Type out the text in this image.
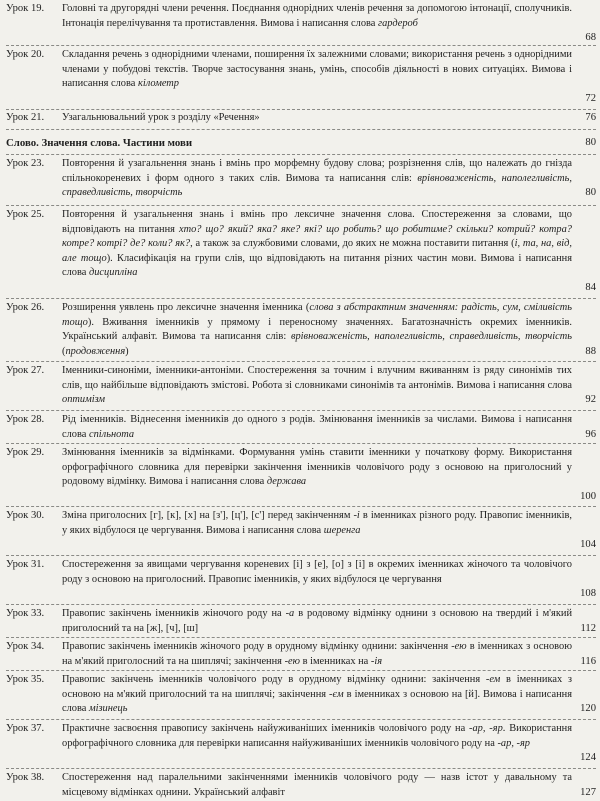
Урок 19.	Головні та другорядні члени речення. Поєднання однорідних членів речення за допомогою інтонації, сполучників. Інтонація перелічування та протиставлення. Вимова і написання слова гардероб
68
Урок 20.	Складання речень з однорідними членами, поширення їх залежними словами; використання речень з однорідними членами у побудові текстів. Творче застосування знань, умінь, способів діяльності в нових ситуаціях. Вимова і написання слова кілометр
72
Урок 21.	Узагальнювальний урок з розділу «Речення»	76
Слово. Значення слова. Частини мови	80
Урок 23.	Повторення й узагальнення знань і вмінь про морфемну будову слова; розрізнення слів, що належать до гнізда спільнокореневих і форм одного з таких слів. Вимова та написання слів: врівноваженість, наполегливість, справедливість, творчість	80
Урок 25.	Повторення й узагальнення знань і вмінь про лексичне значення слова. Спостереження за словами, що відповідають на питання хто? що? який? яка? яке? які? що робить? що робитиме? скільки? котрий? котра? котре? котрі? де? коли? як?, а також за службовими словами, до яких не можна поставити питання (і, та, на, від, але тощо). Класифікація на групи слів, що відповідають на питання різних частин мови. Вимова і написання слова дисципліна
84
Урок 26.	Розширення уявлень про лексичне значення іменника (слова з абстрактним значенням: радість, сум, сміливість тощо). Вживання іменників у прямому і переносному значеннях. Багатозначність окремих іменників. Український алфавіт. Вимова та написання слів: врівноваженість, наполегливість, справедливість, творчість (продовження)	88
Урок 27.	Іменники-синоніми, іменники-антоніми. Спостереження за точним і влучним вживанням із ряду синонімів тих слів, що найбільше відповідають змістові. Робота зі словниками синонімів та антонімів. Вимова і написання слова оптимізм	92
Урок 28.	Рід іменників. Віднесення іменників до одного з родів. Змінювання іменників за числами. Вимова і написання слова спільнота	96
Урок 29.	Змінювання іменників за відмінками. Формування умінь ставити іменники у початкову форму. Використання орфографічного словника для перевірки закінчення іменників чоловічого роду з основою на приголосний у родовому відмінку. Вимова і написання слова держава
100
Урок 30.	Зміна приголосних [г], [к], [х] на [з'], [ц'], [с'] перед закінченням -і в іменниках різного роду. Правопис іменників, у яких відбулося це чергування. Вимова і написання слова шеренга
104
Урок 31.	Спостереження за явищами чергування кореневих [і] з [е], [о] з [і] в окремих іменниках жіночого та чоловічого роду з основою на приголосний. Правопис іменників, у яких відбулося це чергування
108
Урок 33.	Правопис закінчень іменників жіночого роду на -а в родовому відмінку однини з основою на твердий і м'який приголосний та на [ж], [ч], [ш]	112
Урок 34.	Правопис закінчень іменників жіночого роду в орудному відмінку однини: закінчення -ею в іменниках з основою на м'який приголосний та на шиплячі; закінчення -ею в іменниках на -ія	116
Урок 35.	Правопис закінчень іменників чоловічого роду в орудному відмінку однини: закінчення -ем в іменниках з основою на м'який приголосний та на шиплячі; закінчення -єм в іменниках з основою на [й]. Вимова і написання слова мізинець	120
Урок 37.	Практичне засвоєння правопису закінчень найуживаніших іменників чоловічого роду на -ар, -яр. Використання орфографічного словника для перевірки написання найуживаніших іменників чоловічого роду на -ар, -яр
124
Урок 38.	Спостереження над паралельними закінченнями іменників чоловічого роду — назв істот у давальному та місцевому відмінках однини. Український алфавіт	127
